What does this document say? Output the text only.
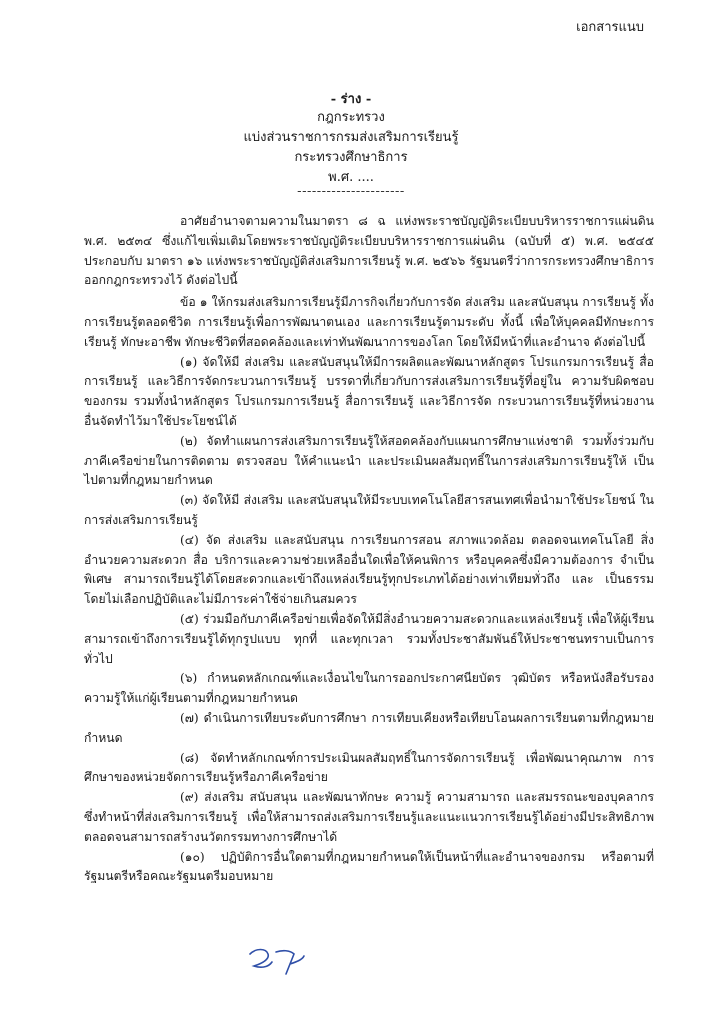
เอกสารแนบ
- ร่าง -
กฎกระทรวง
แบ่งส่วนราชการกรมส่งเสริมการเรียนรู้
กระทรวงศึกษาธิการ
พ.ศ. ....
----------------------

อาศัยอำนาจตามความในมาตรา ๘ ฉ แห่งพระราชบัญญัติระเบียบบริหารราชการแผ่นดิน พ.ศ. ๒๕๓๔ ซึ่งแก้ไขเพิ่มเติมโดยพระราชบัญญัติระเบียบบริหารราชการแผ่นดิน (ฉบับที่ ๕) พ.ศ. ๒๕๔๕ ประกอบกับ มาตรา ๑๖ แห่งพระราชบัญญัติส่งเสริมการเรียนรู้ พ.ศ. ๒๕๖๖ รัฐมนตรีว่าการกระทรวงศึกษาธิการ ออกกฎกระทรวงไว้ ดังต่อไปนี้

ข้อ ๑ ให้กรมส่งเสริมการเรียนรู้มีภารกิจเกี่ยวกับการจัด ส่งเสริม และสนับสนุน การเรียนรู้ ทั้งการเรียนรู้ตลอดชีวิต การเรียนรู้เพื่อการพัฒนาตนเอง และการเรียนรู้ตามระดับ ทั้งนี้ เพื่อให้บุคคลมีทักษะการเรียนรู้ ทักษะอาชีพ ทักษะชีวิตที่สอดคล้องและเท่าทันพัฒนาการของโลก โดยให้มีหน้าที่และอำนาจ ดังต่อไปนี้

(๑) จัดให้มี ส่งเสริม และสนับสนุนให้มีการผลิตและพัฒนาหลักสูตร โปรแกรมการเรียนรู้ สื่อการเรียนรู้ และวิธีการจัดกระบวนการเรียนรู้ บรรดาที่เกี่ยวกับการส่งเสริมการเรียนรู้ที่อยู่ใน ความรับผิดชอบของกรม รวมทั้งนำหลักสูตร โปรแกรมการเรียนรู้ สื่อการเรียนรู้ และวิธีการจัด กระบวนการเรียนรู้ที่หน่วยงานอื่นจัดทำไว้มาใช้ประโยชน์ได้

(๒) จัดทำแผนการส่งเสริมการเรียนรู้ให้สอดคล้องกับแผนการศึกษาแห่งชาติ รวมทั้งร่วมกับ ภาคีเครือข่ายในการติดตาม ตรวจสอบ ให้คำแนะนำ และประเมินผลสัมฤทธิ์ในการส่งเสริมการเรียนรู้ให้ เป็นไปตามที่กฎหมายกำหนด

(๓) จัดให้มี ส่งเสริม และสนับสนุนให้มีระบบเทคโนโลยีสารสนเทศเพื่อนำมาใช้ประโยชน์ ในการส่งเสริมการเรียนรู้

(๔) จัด ส่งเสริม และสนับสนุน การเรียนการสอน สภาพแวดล้อม ตลอดจนเทคโนโลยี สิ่งอำนวยความสะดวก สื่อ บริการและความช่วยเหลืออื่นใดเพื่อให้คนพิการ หรือบุคคลซึ่งมีความต้องการ จำเป็นพิเศษ สามารถเรียนรู้ได้โดยสะดวกและเข้าถึงแหล่งเรียนรู้ทุกประเภทได้อย่างเท่าเทียมทั่วถึง และ เป็นธรรม โดยไม่เลือกปฏิบัติและไม่มีภาระค่าใช้จ่ายเกินสมควร

(๕) ร่วมมือกับภาคีเครือข่ายเพื่อจัดให้มีสิ่งอำนวยความสะดวกและแหล่งเรียนรู้ เพื่อให้ผู้เรียน สามารถเข้าถึงการเรียนรู้ได้ทุกรูปแบบ ทุกที่ และทุกเวลา รวมทั้งประชาสัมพันธ์ให้ประชาชนทราบเป็นการทั่วไป

(๖) กำหนดหลักเกณฑ์และเงื่อนไขในการออกประกาศนียบัตร วุฒิบัตร หรือหนังสือรับรอง ความรู้ให้แก่ผู้เรียนตามที่กฎหมายกำหนด

(๗) ดำเนินการเทียบระดับการศึกษา การเทียบเคียงหรือเทียบโอนผลการเรียนตามที่กฎหมายกำหนด

(๘) จัดทำหลักเกณฑ์การประเมินผลสัมฤทธิ์ในการจัดการเรียนรู้ เพื่อพัฒนาคุณภาพ การศึกษาของหน่วยจัดการเรียนรู้หรือภาคีเครือข่าย

(๙) ส่งเสริม สนับสนุน และพัฒนาทักษะ ความรู้ ความสามารถ และสมรรถนะของบุคลากร ซึ่งทำหน้าที่ส่งเสริมการเรียนรู้ เพื่อให้สามารถส่งเสริมการเรียนรู้และแนะแนวการเรียนรู้ได้อย่างมีประสิทธิภาพ ตลอดจนสามารถสร้างนวัตกรรมทางการศึกษาได้

(๑๐) ปฏิบัติการอื่นใดตามที่กฎหมายกำหนดให้เป็นหน้าที่และอำนาจของกรม หรือตามที่ รัฐมนตรีหรือคณะรัฐมนตรีมอบหมาย
